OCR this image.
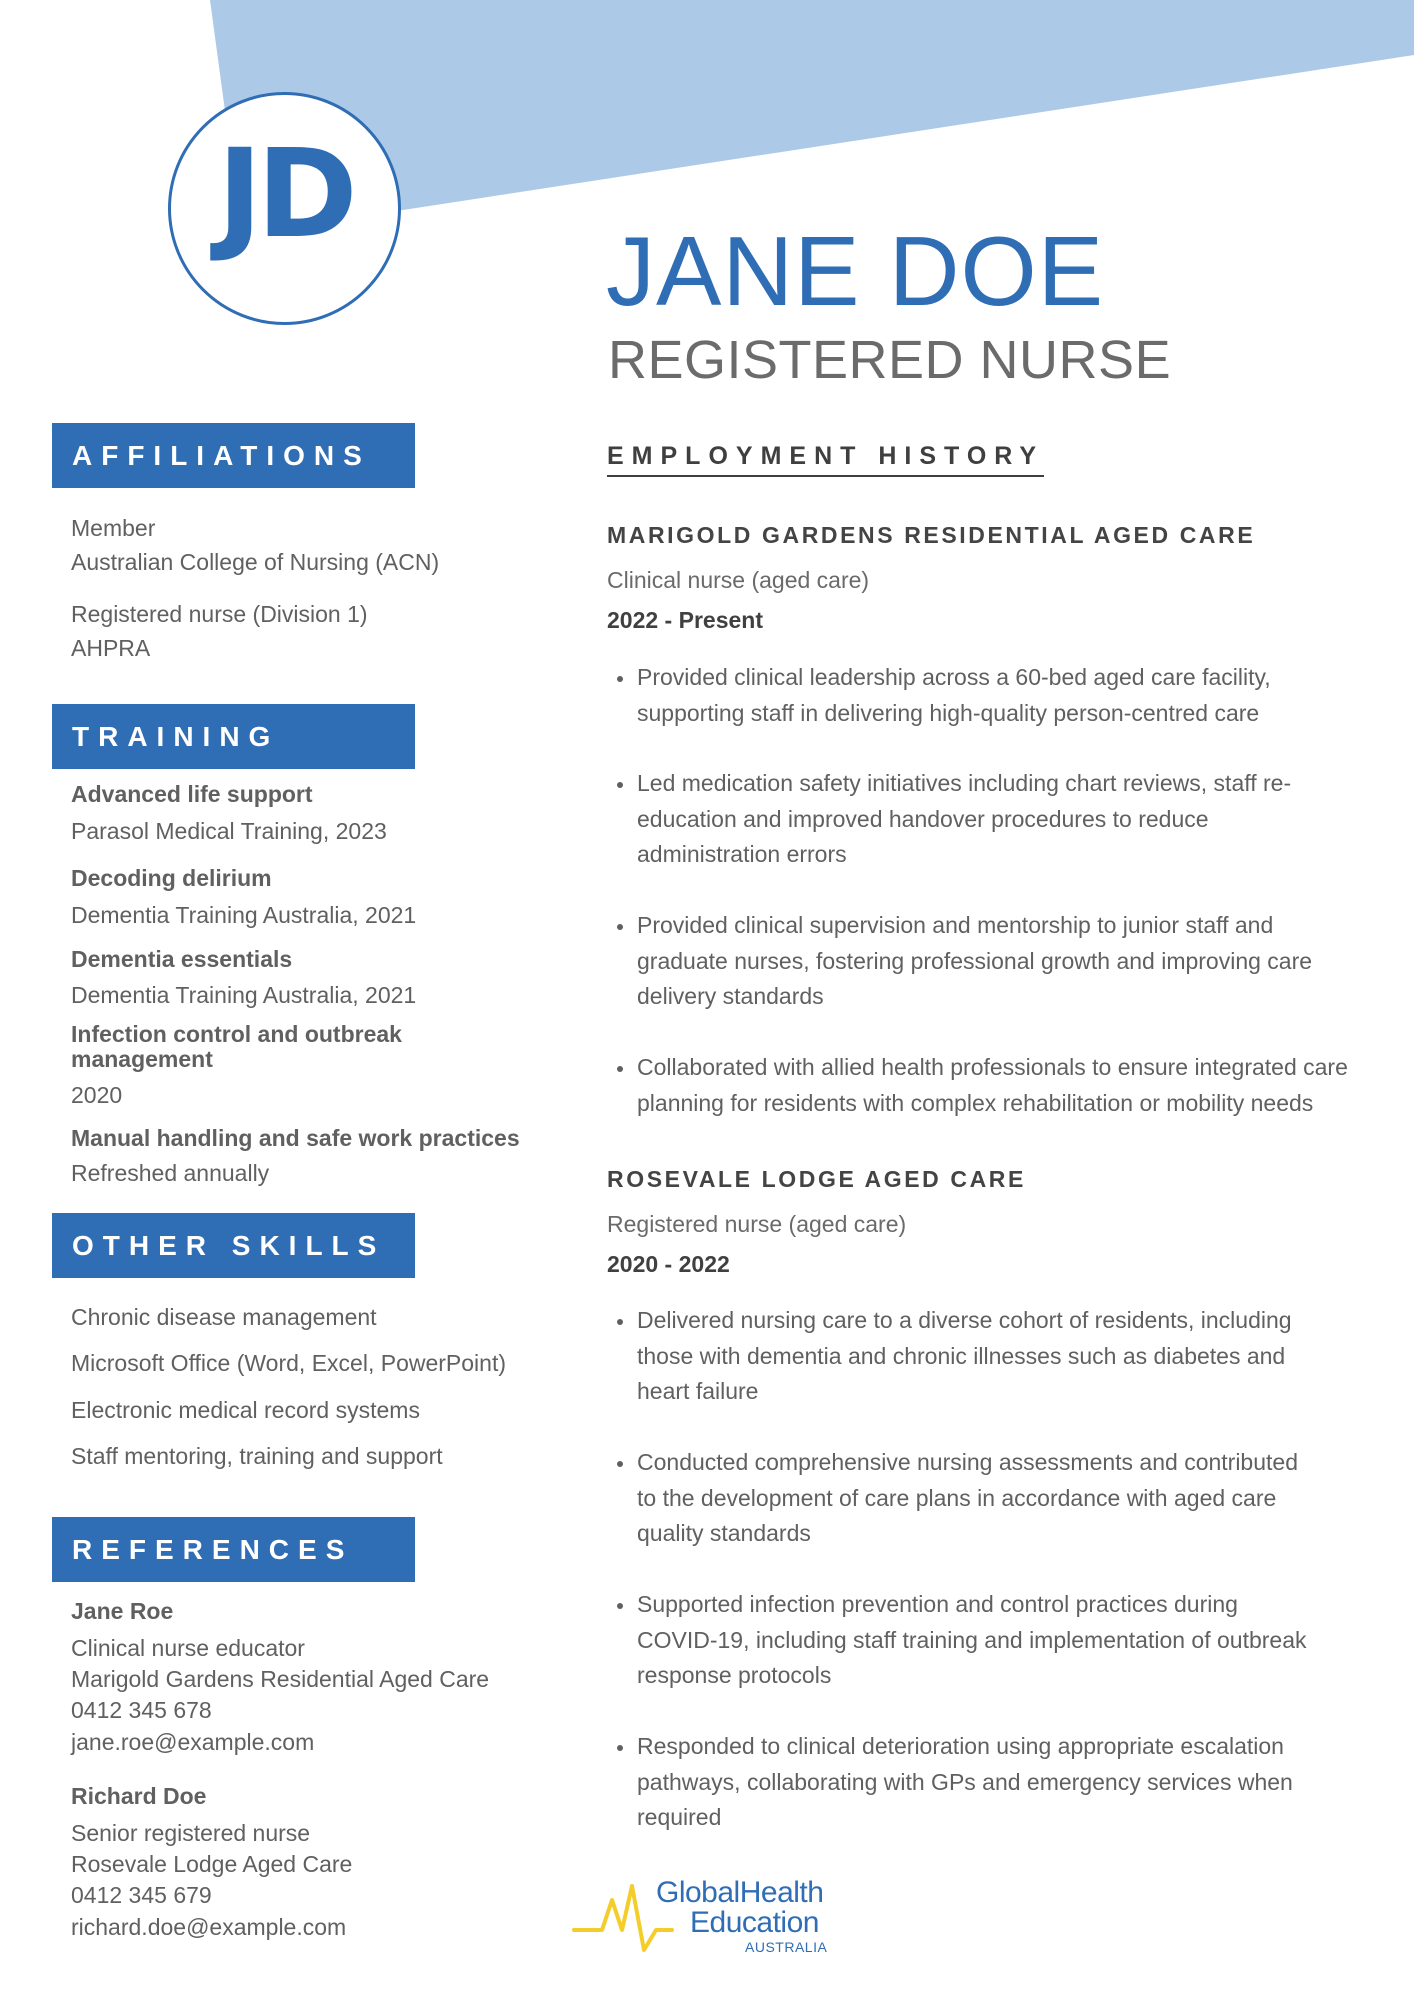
JD
JANE DOE
REGISTERED NURSE
AFFILIATIONS
Member
Australian College of Nursing (ACN)
Registered nurse (Division 1)
AHPRA
TRAINING
Advanced life support
Parasol Medical Training, 2023
Decoding delirium
Dementia Training Australia, 2021
Dementia essentials
Dementia Training Australia, 2021
Infection control and outbreak
management
2020
Manual handling and safe work practices
Refreshed annually
OTHER SKILLS
Chronic disease management
Microsoft Office (Word, Excel, PowerPoint)
Electronic medical record systems
Staff mentoring, training and support
REFERENCES
Jane Roe
Clinical nurse educator
Marigold Gardens Residential Aged Care
0412 345 678
jane.roe@example.com
Richard Doe
Senior registered nurse
Rosevale Lodge Aged Care
0412 345 679
richard.doe@example.com
EMPLOYMENT HISTORY
MARIGOLD GARDENS RESIDENTIAL AGED CARE
Clinical nurse (aged care)
2022 - Present
Provided clinical leadership across a 60-bed aged care facility,
supporting staff in delivering high-quality person-centred care
Led medication safety initiatives including chart reviews, staff re-
education and improved handover procedures to reduce
administration errors
Provided clinical supervision and mentorship to junior staff and
graduate nurses, fostering professional growth and improving care
delivery standards
Collaborated with allied health professionals to ensure integrated care
planning for residents with complex rehabilitation or mobility needs
ROSEVALE LODGE AGED CARE
Registered nurse (aged care)
2020 - 2022
Delivered nursing care to a diverse cohort of residents, including
those with dementia and chronic illnesses such as diabetes and
heart failure
Conducted comprehensive nursing assessments and contributed
to the development of care plans in accordance with aged care
quality standards
Supported infection prevention and control practices during
COVID-19, including staff training and implementation of outbreak
response protocols
Responded to clinical deterioration using appropriate escalation
pathways, collaborating with GPs and emergency services when
required
GlobalHealth
Education
AUSTRALIA
